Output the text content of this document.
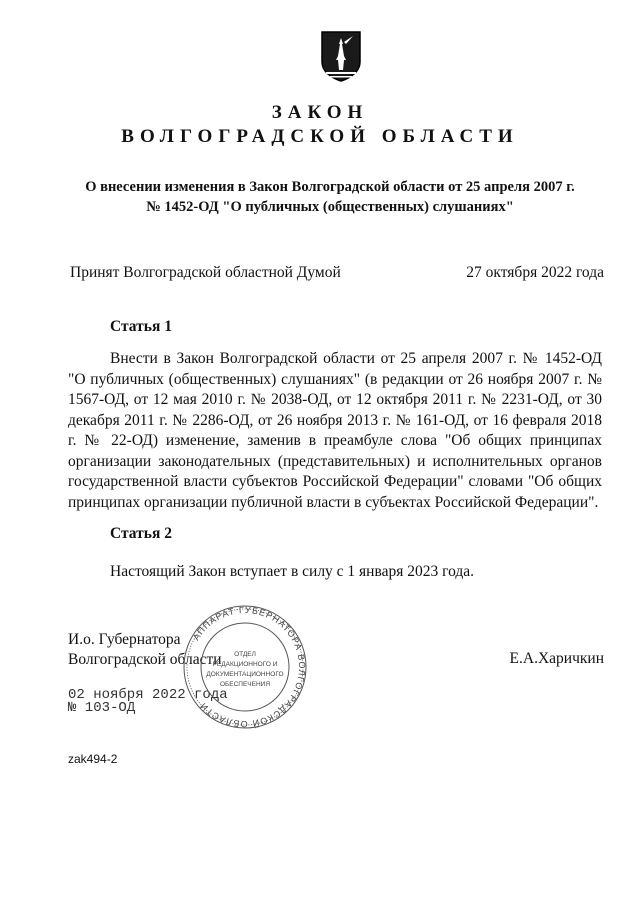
ЗАКОН
ВОЛГОГРАДСКОЙ ОБЛАСТИ
О внесении изменения в Закон Волгоградской области от 25 апреля 2007 г.
№ 1452-ОД "О публичных (общественных) слушаниях"
Принят Волгоградской областной Думой	27 октября 2022 года
Статья 1
Внести в Закон Волгоградской области от 25 апреля 2007 г. № 1452-ОД "О публичных (общественных) слушаниях" (в редакции от 26 ноября 2007 г. № 1567-ОД, от 12 мая 2010 г. № 2038-ОД, от 12 октября 2011 г. № 2231-ОД, от 30 декабря 2011 г. № 2286-ОД, от 26 ноября 2013 г. № 161-ОД, от 16 февраля 2018 г. № 22-ОД) изменение, заменив в преамбуле слова "Об общих принципах организации законодательных (представительных) и исполнительных органов государственной власти субъектов Российской Федерации" словами "Об общих принципах организации публичной власти в субъектах Российской Федерации".
Статья 2
Настоящий Закон вступает в силу с 1 января 2023 года.
И.о. Губернатора
Волгоградской области	Е.А.Харичкин
02 ноября 2022 года
№ 103-ОД
АППАРАТ ГУБЕРНАТОРА ВОЛГОГРАДСКОЙ ОБЛАСТИ
ОТДЕЛ
РЕДАКЦИОННОГО И
ДОКУМЕНТАЦИОННОГО
ОБЕСПЕЧЕНИЯ
zak494-2
